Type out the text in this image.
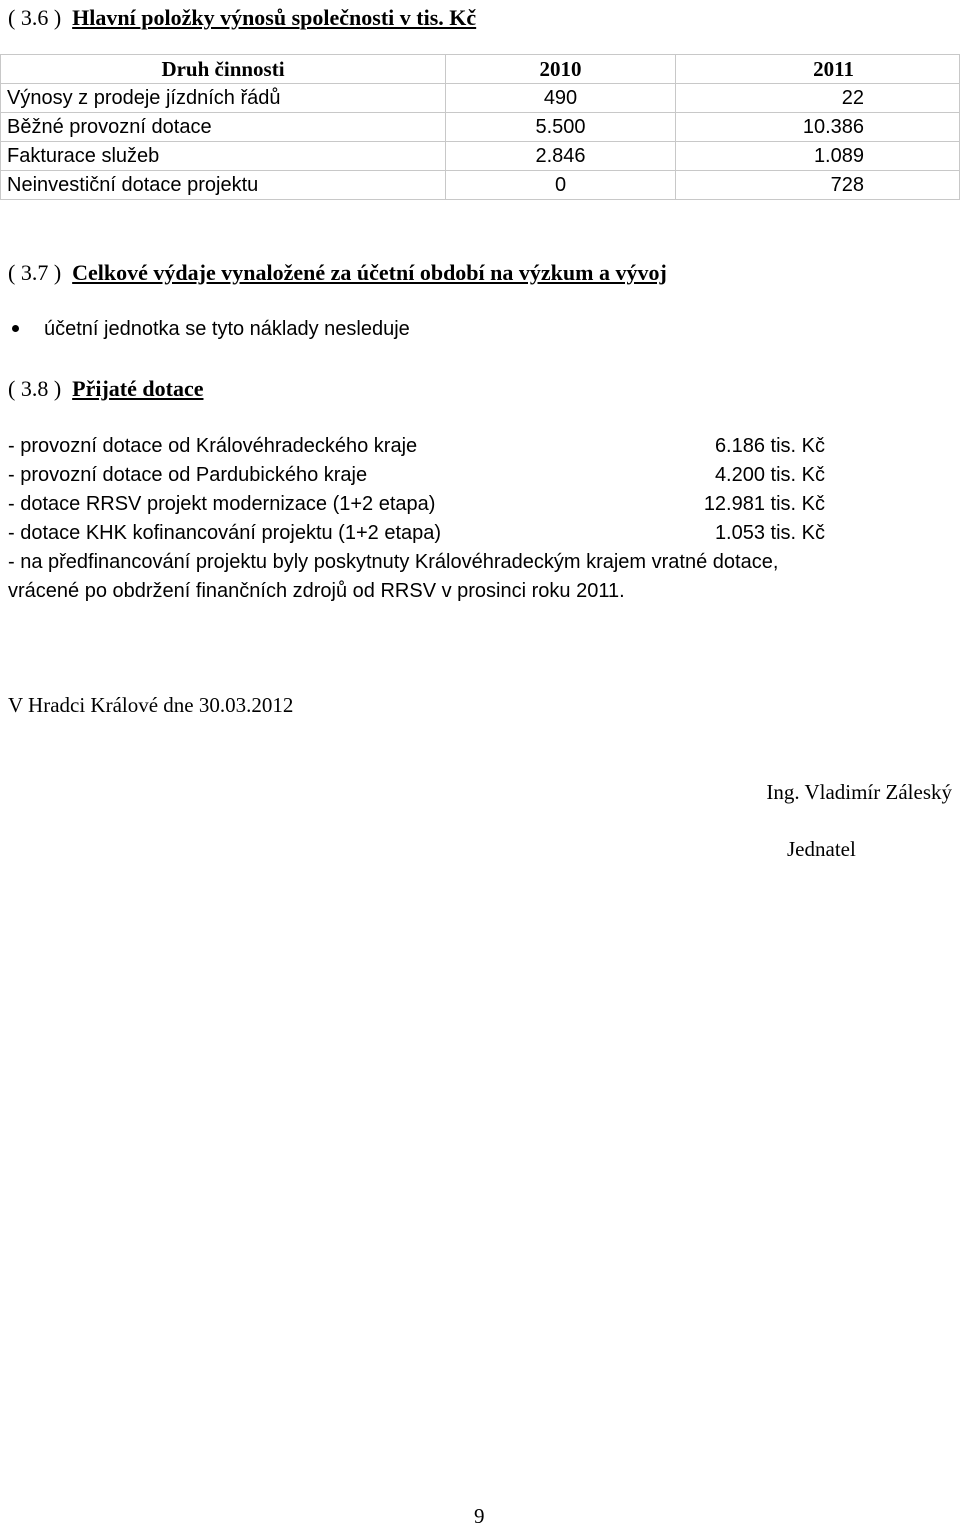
( 3.6 ) Hlavní položky výnosů společnosti v tis. Kč
Druh činnosti	2010	2011
Výnosy z prodeje jízdních řádů	490	22
Běžné provozní dotace	5.500	10.386
Fakturace služeb	2.846	1.089
Neinvestiční dotace projektu	0	728
( 3.7 ) Celkové výdaje vynaložené za účetní období na výzkum a vývoj
účetní jednotka se tyto náklady nesleduje
( 3.8 ) Přijaté dotace
- provozní dotace od Královéhradeckého kraje	6.186 tis. Kč
- provozní dotace od Pardubického kraje	4.200 tis. Kč
- dotace RRSV projekt modernizace (1+2 etapa)	12.981 tis. Kč
- dotace KHK kofinancování projektu (1+2 etapa)	1.053 tis. Kč
- na předfinancování projektu byly poskytnuty Královéhradeckým krajem vratné dotace,
vrácené po obdržení finančních zdrojů od RRSV v prosinci roku 2011.
V Hradci Králové dne 30.03.2012
Ing. Vladimír Záleský
Jednatel
9
